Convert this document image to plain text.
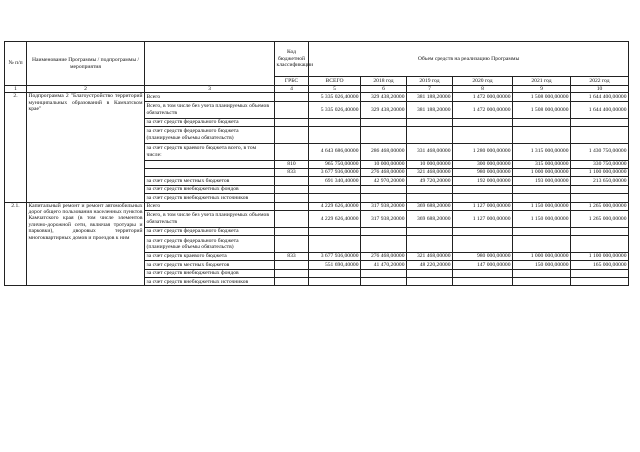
№ п/п	Наименование Программы / подпрограммы / мероприятия		Код бюджетной классификации	Объем средств на реализацию Программы					
			ГРБС	ВСЕГО	2018 год	2019 год	2020 год	2021 год	2022 год
1	2	3	4	5	6	7	8	9	10
2.	Подпрограмма 2 "Благоустройство территорий муниципальных образований в Камчатском крае"	Всего		5 335 026,40000	329 438,20000	381 188,20000	1 472 000,00000	1 508 000,00000	1 644 400,00000
		Всего, в том числе без учета планируемых объемов обязательств		5 335 026,40000	329 438,20000	381 188,20000	1 472 000,00000	1 508 000,00000	1 644 400,00000
		за счет средств федерального бюджета							
		за счет средств федерального бюджета (планируемые объемы обязательств)							
		за счет средств краевого бюджета всего, в том числе:		4 643 686,00000	286 468,00000	331 468,00000	1 280 000,00000	1 315 000,00000	1 430 750,00000
			810	965 750,00000	10 000,00000	10 000,00000	300 000,00000	315 000,00000	330 750,00000
			833	3 677 936,00000	276 468,00000	321 468,00000	980 000,00000	1 000 000,00000	1 100 000,00000
		за счет средств местных бюджетов		691 340,40000	42 970,20000	49 720,20000	192 000,00000	193 000,00000	213 650,00000
		за счет средств внебюджетных фондов							
		за счет средств внебюджетных источников							
2.1.	Капитальный ремонт и ремонт автомобильных дорог общего пользования населенных пунктов Камчатского края (в том числе элементов улично-дорожной сети, включая тротуары и парковки), дворовых территорий многоквартирных домов и проездов к ним	Всего		4 229 626,40000	317 938,20000	369 688,20000	1 127 000,00000	1 150 000,00000	1 265 000,00000
		Всего, в том числе без учета планируемых объемов обязательств		4 229 626,40000	317 938,20000	369 688,20000	1 127 000,00000	1 150 000,00000	1 265 000,00000
		за счет средств федерального бюджета							
		за счет средств федерального бюджета (планируемые объемы обязательств)							
		за счет средств краевого бюджета	833	3 677 936,00000	276 468,00000	321 468,00000	980 000,00000	1 000 000,00000	1 100 000,00000
		за счет средств местных бюджетов		551 690,40000	41 470,20000	48 220,20000	147 000,00000	150 000,00000	165 000,00000
		за счет средств внебюджетных фондов							
		за счет средств внебюджетных источников							
